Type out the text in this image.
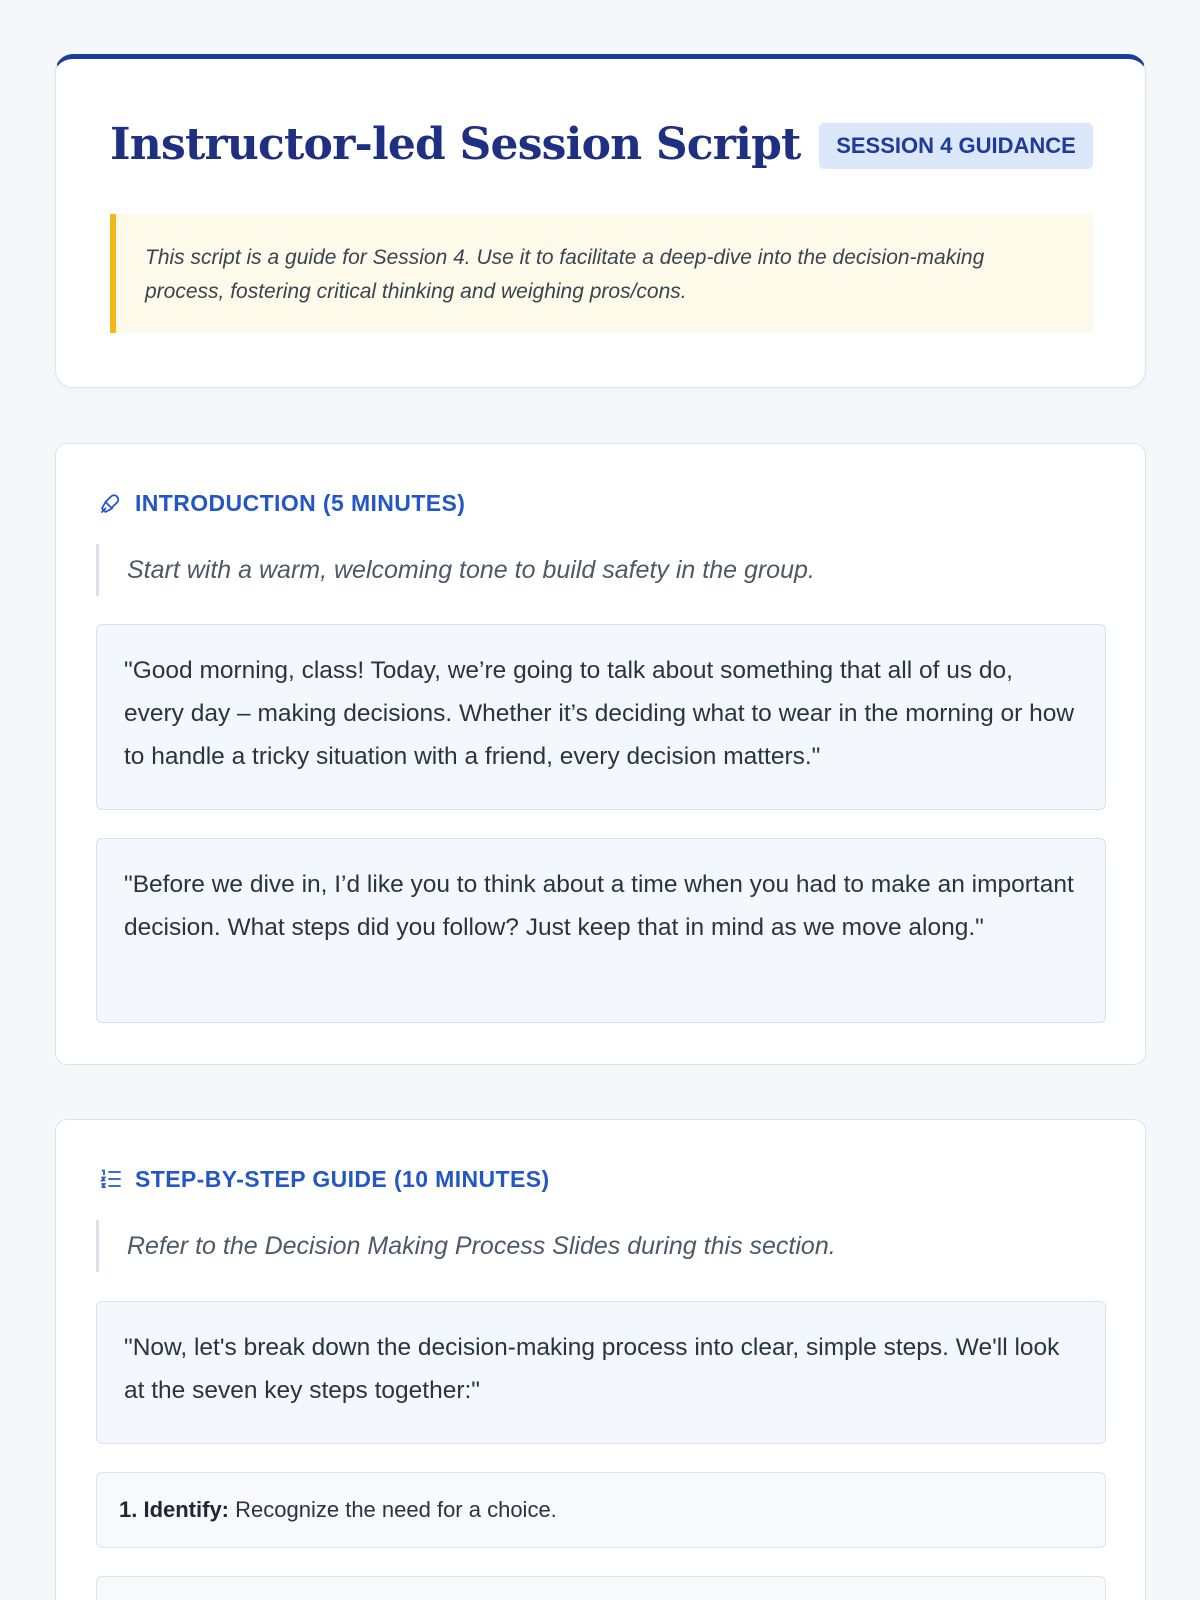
Instructor-led Session Script	SESSION 4 GUIDANCE
This script is a guide for Session 4. Use it to facilitate a deep-dive into the decision-making process, fostering critical thinking and weighing pros/cons.
INTRODUCTION (5 MINUTES)
Start with a warm, welcoming tone to build safety in the group.
"Good morning, class! Today, we’re going to talk about something that all of us do, every day – making decisions. Whether it’s deciding what to wear in the morning or how to handle a tricky situation with a friend, every decision matters."
"Before we dive in, I’d like you to think about a time when you had to make an important decision. What steps did you follow? Just keep that in mind as we move along."
STEP-BY-STEP GUIDE (10 MINUTES)
Refer to the Decision Making Process Slides during this section.
"Now, let's break down the decision-making process into clear, simple steps. We'll look at the seven key steps together:"
1. Identify: Recognize the need for a choice.
